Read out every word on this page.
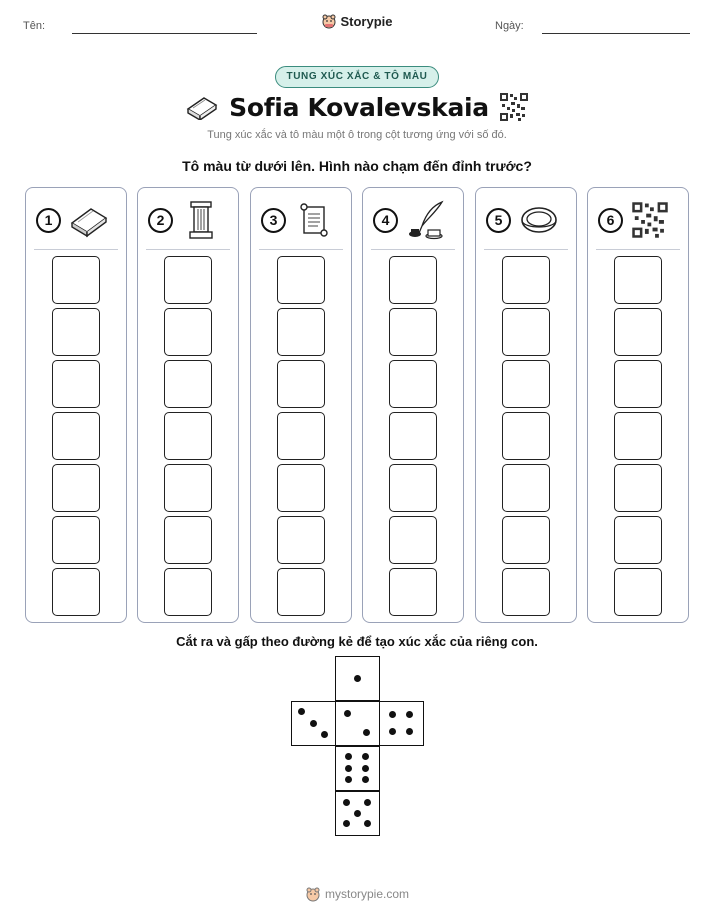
Tên:	Ngày:
Storypie
TUNG XÚC XẮC & TÔ MÀU
Sofia Kovalevskaia
Tung xúc xắc và tô màu một ô trong cột tương ứng với số đó.
Tô màu từ dưới lên. Hình nào chạm đến đỉnh trước?
1	2	3	4	5	6
Cắt ra và gấp theo đường kẻ để tạo xúc xắc của riêng con.
mystorypie.com
